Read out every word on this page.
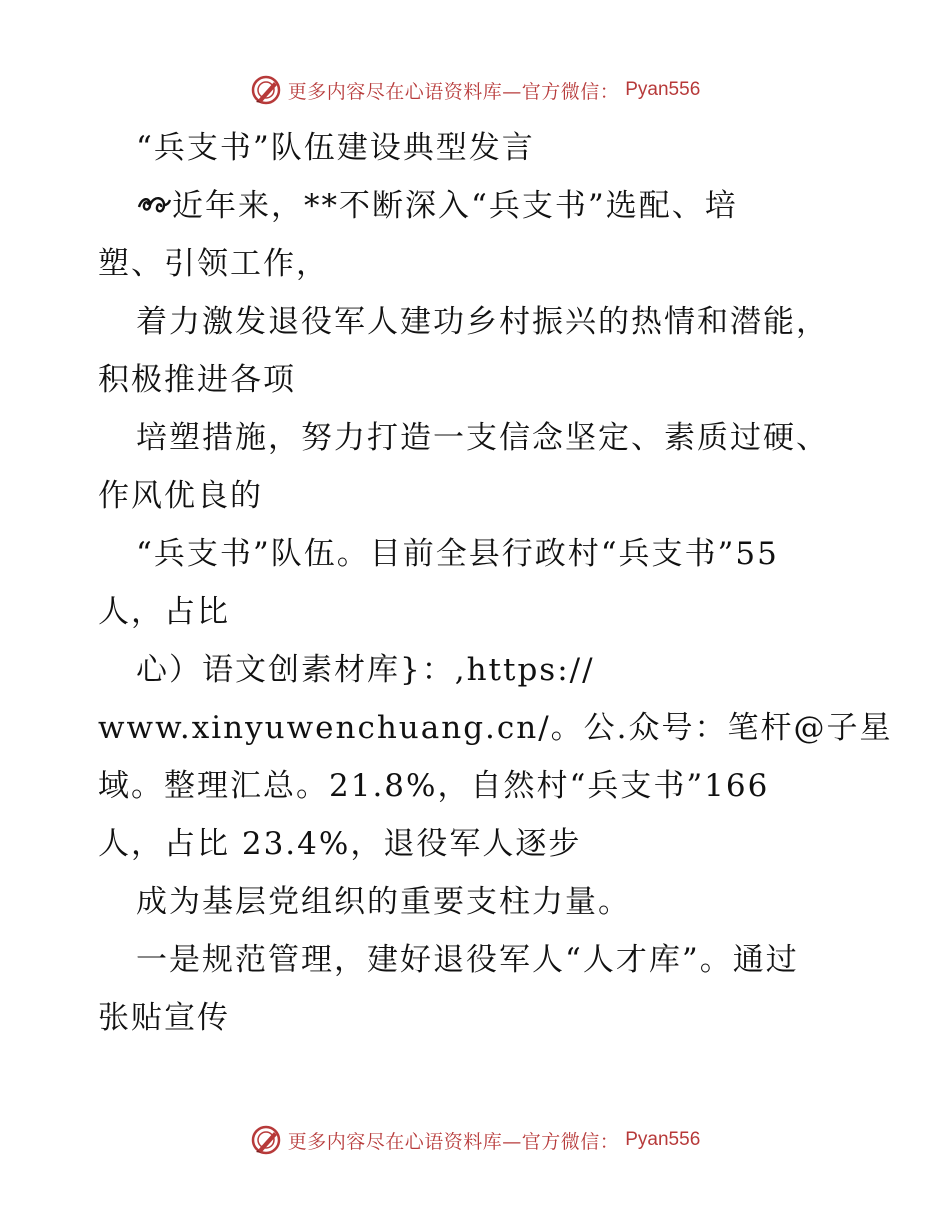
更多内容尽在心语资料库—官方微信： Pyan556
“兵支书”队伍建设典型发言
近年来，**不断深入“兵支书”选配、培
塑、引领工作，
着力激发退役军人建功乡村振兴的热情和潜能，
积极推进各项
培塑措施，努力打造一支信念坚定、素质过硬、
作风优良的
“兵支书”队伍。目前全县行政村“兵支书”55
人，占比
心）语文创素材库}：,https://
www.xinyuwenchuang.cn/。公.众号：笔杆@子星
域。整理汇总。21.8%，自然村“兵支书”166
人，占比 23.4%，退役军人逐步
成为基层党组织的重要支柱力量。
一是规范管理，建好退役军人“人才库”。通过
张贴宣传
更多内容尽在心语资料库—官方微信： Pyan556
